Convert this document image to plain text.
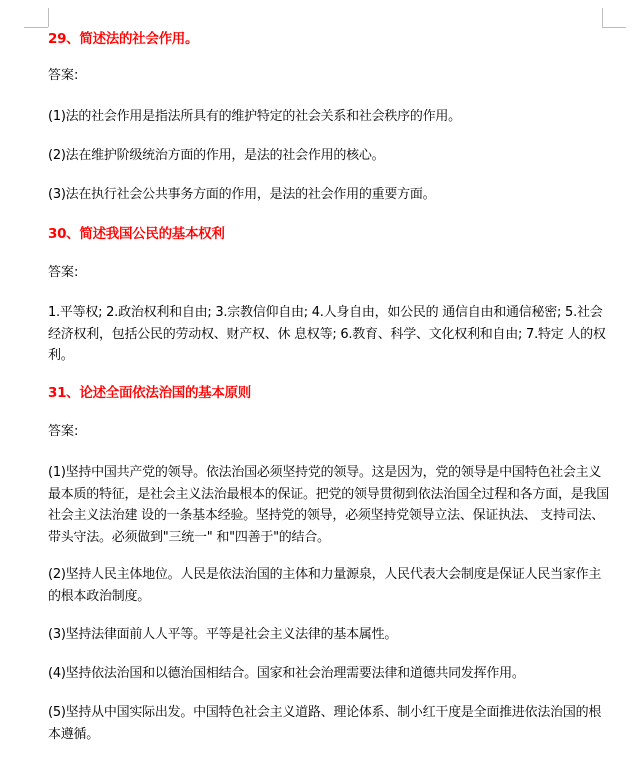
29、简述法的社会作用。
答案:
(1)法的社会作用是指法所具有的维护特定的社会关系和社会秩序的作用。
(2)法在维护阶级统治方面的作用，是法的社会作用的核心。
(3)法在执行社会公共事务方面的作用，是法的社会作用的重要方面。
30、简述我国公民的基本权利
答案:
1.平等权; 2.政治权利和自由; 3.宗教信仰自由; 4.人身自由，如公民的 通信自由和通信秘密; 5.社会经济权利，包括公民的劳动权、财产权、休 息权等; 6.教育、科学、文化权利和自由; 7.特定 人的权利。
31、论述全面依法治国的基本原则
答案:
(1)坚持中国共产党的领导。依法治国必须坚持党的领导。这是因为，党的领导是中国特色社会主义最本质的特征，是社会主义法治最根本的保证。把党的领导贯彻到依法治国全过程和各方面，是我国社会主义法治建 设的一条基本经验。坚持党的领导，必须坚持党领导立法、保证执法、 支持司法、带头守法。必须做到"三统一" 和"四善于"的结合。
(2)坚持人民主体地位。人民是依法治国的主体和力量源泉，人民代表大会制度是保证人民当家作主的根本政治制度。
(3)坚持法律面前人人平等。平等是社会主义法律的基本属性。
(4)坚持依法治国和以德治国相结合。国家和社会治理需要法律和道德共同发挥作用。
(5)坚持从中国实际出发。中国特色社会主义道路、理论体系、制小红干度是全面推进依法治国的根本遵循。
